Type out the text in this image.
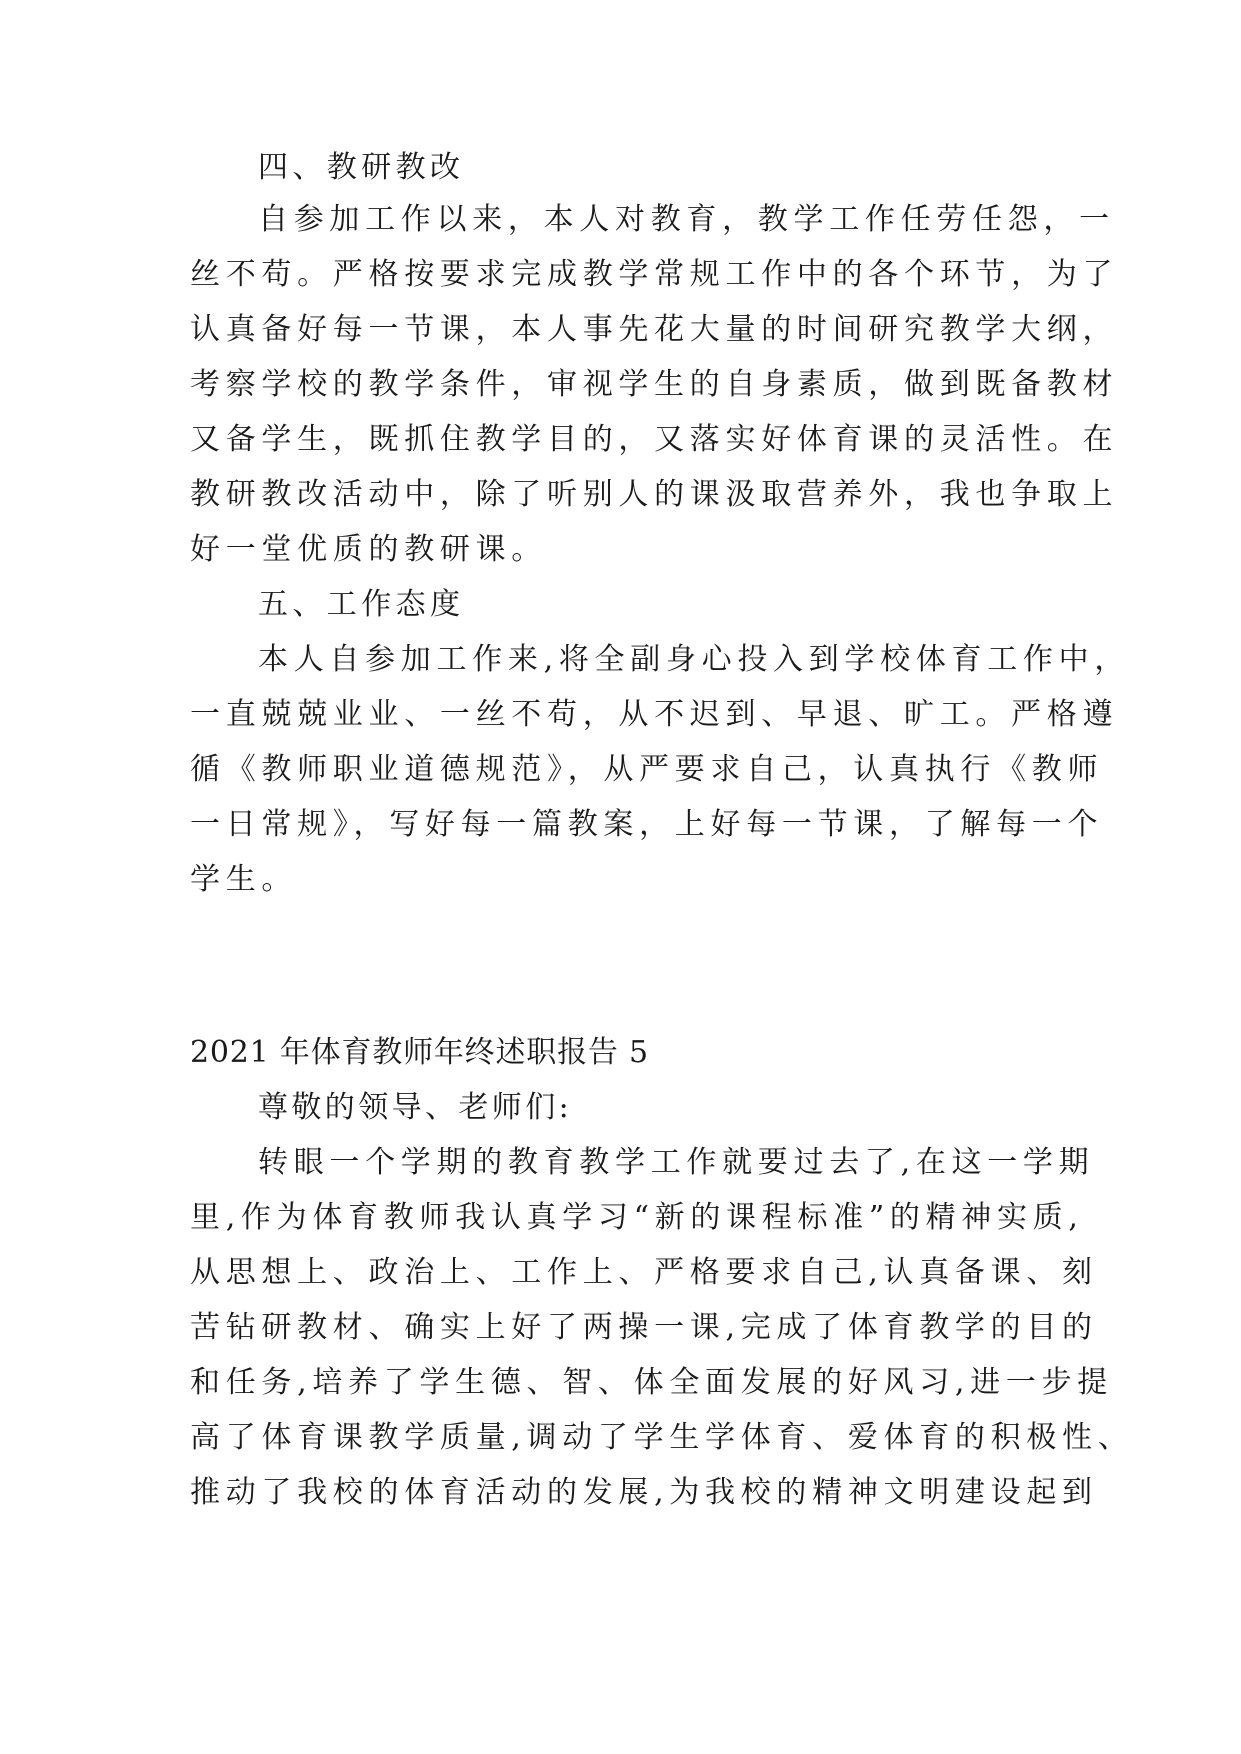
四、教研教改
自参加工作以来，本人对教育，教学工作任劳任怨，一
丝不苟。严格按要求完成教学常规工作中的各个环节，为了
认真备好每一节课，本人事先花大量的时间研究教学大纲，
考察学校的教学条件，审视学生的自身素质，做到既备教材
又备学生，既抓住教学目的，又落实好体育课的灵活性。在
教研教改活动中，除了听别人的课汲取营养外，我也争取上
好一堂优质的教研课。
五、工作态度
本人自参加工作来,将全副身心投入到学校体育工作中，
一直兢兢业业、一丝不苟，从不迟到、早退、旷工。严格遵
循《教师职业道德规范》，从严要求自己，认真执行《教师
一日常规》，写好每一篇教案，上好每一节课，了解每一个
学生。
2021 年体育教师年终述职报告 5
尊敬的领导、老师们:
转眼一个学期的教育教学工作就要过去了,在这一学期
里,作为体育教师我认真学习“新的课程标准”的精神实质,
从思想上、政治上、工作上、严格要求自己,认真备课、刻
苦钻研教材、确实上好了两操一课,完成了体育教学的目的
和任务,培养了学生德、智、体全面发展的好风习,进一步提
高了体育课教学质量,调动了学生学体育、爱体育的积极性、
推动了我校的体育活动的发展,为我校的精神文明建设起到
